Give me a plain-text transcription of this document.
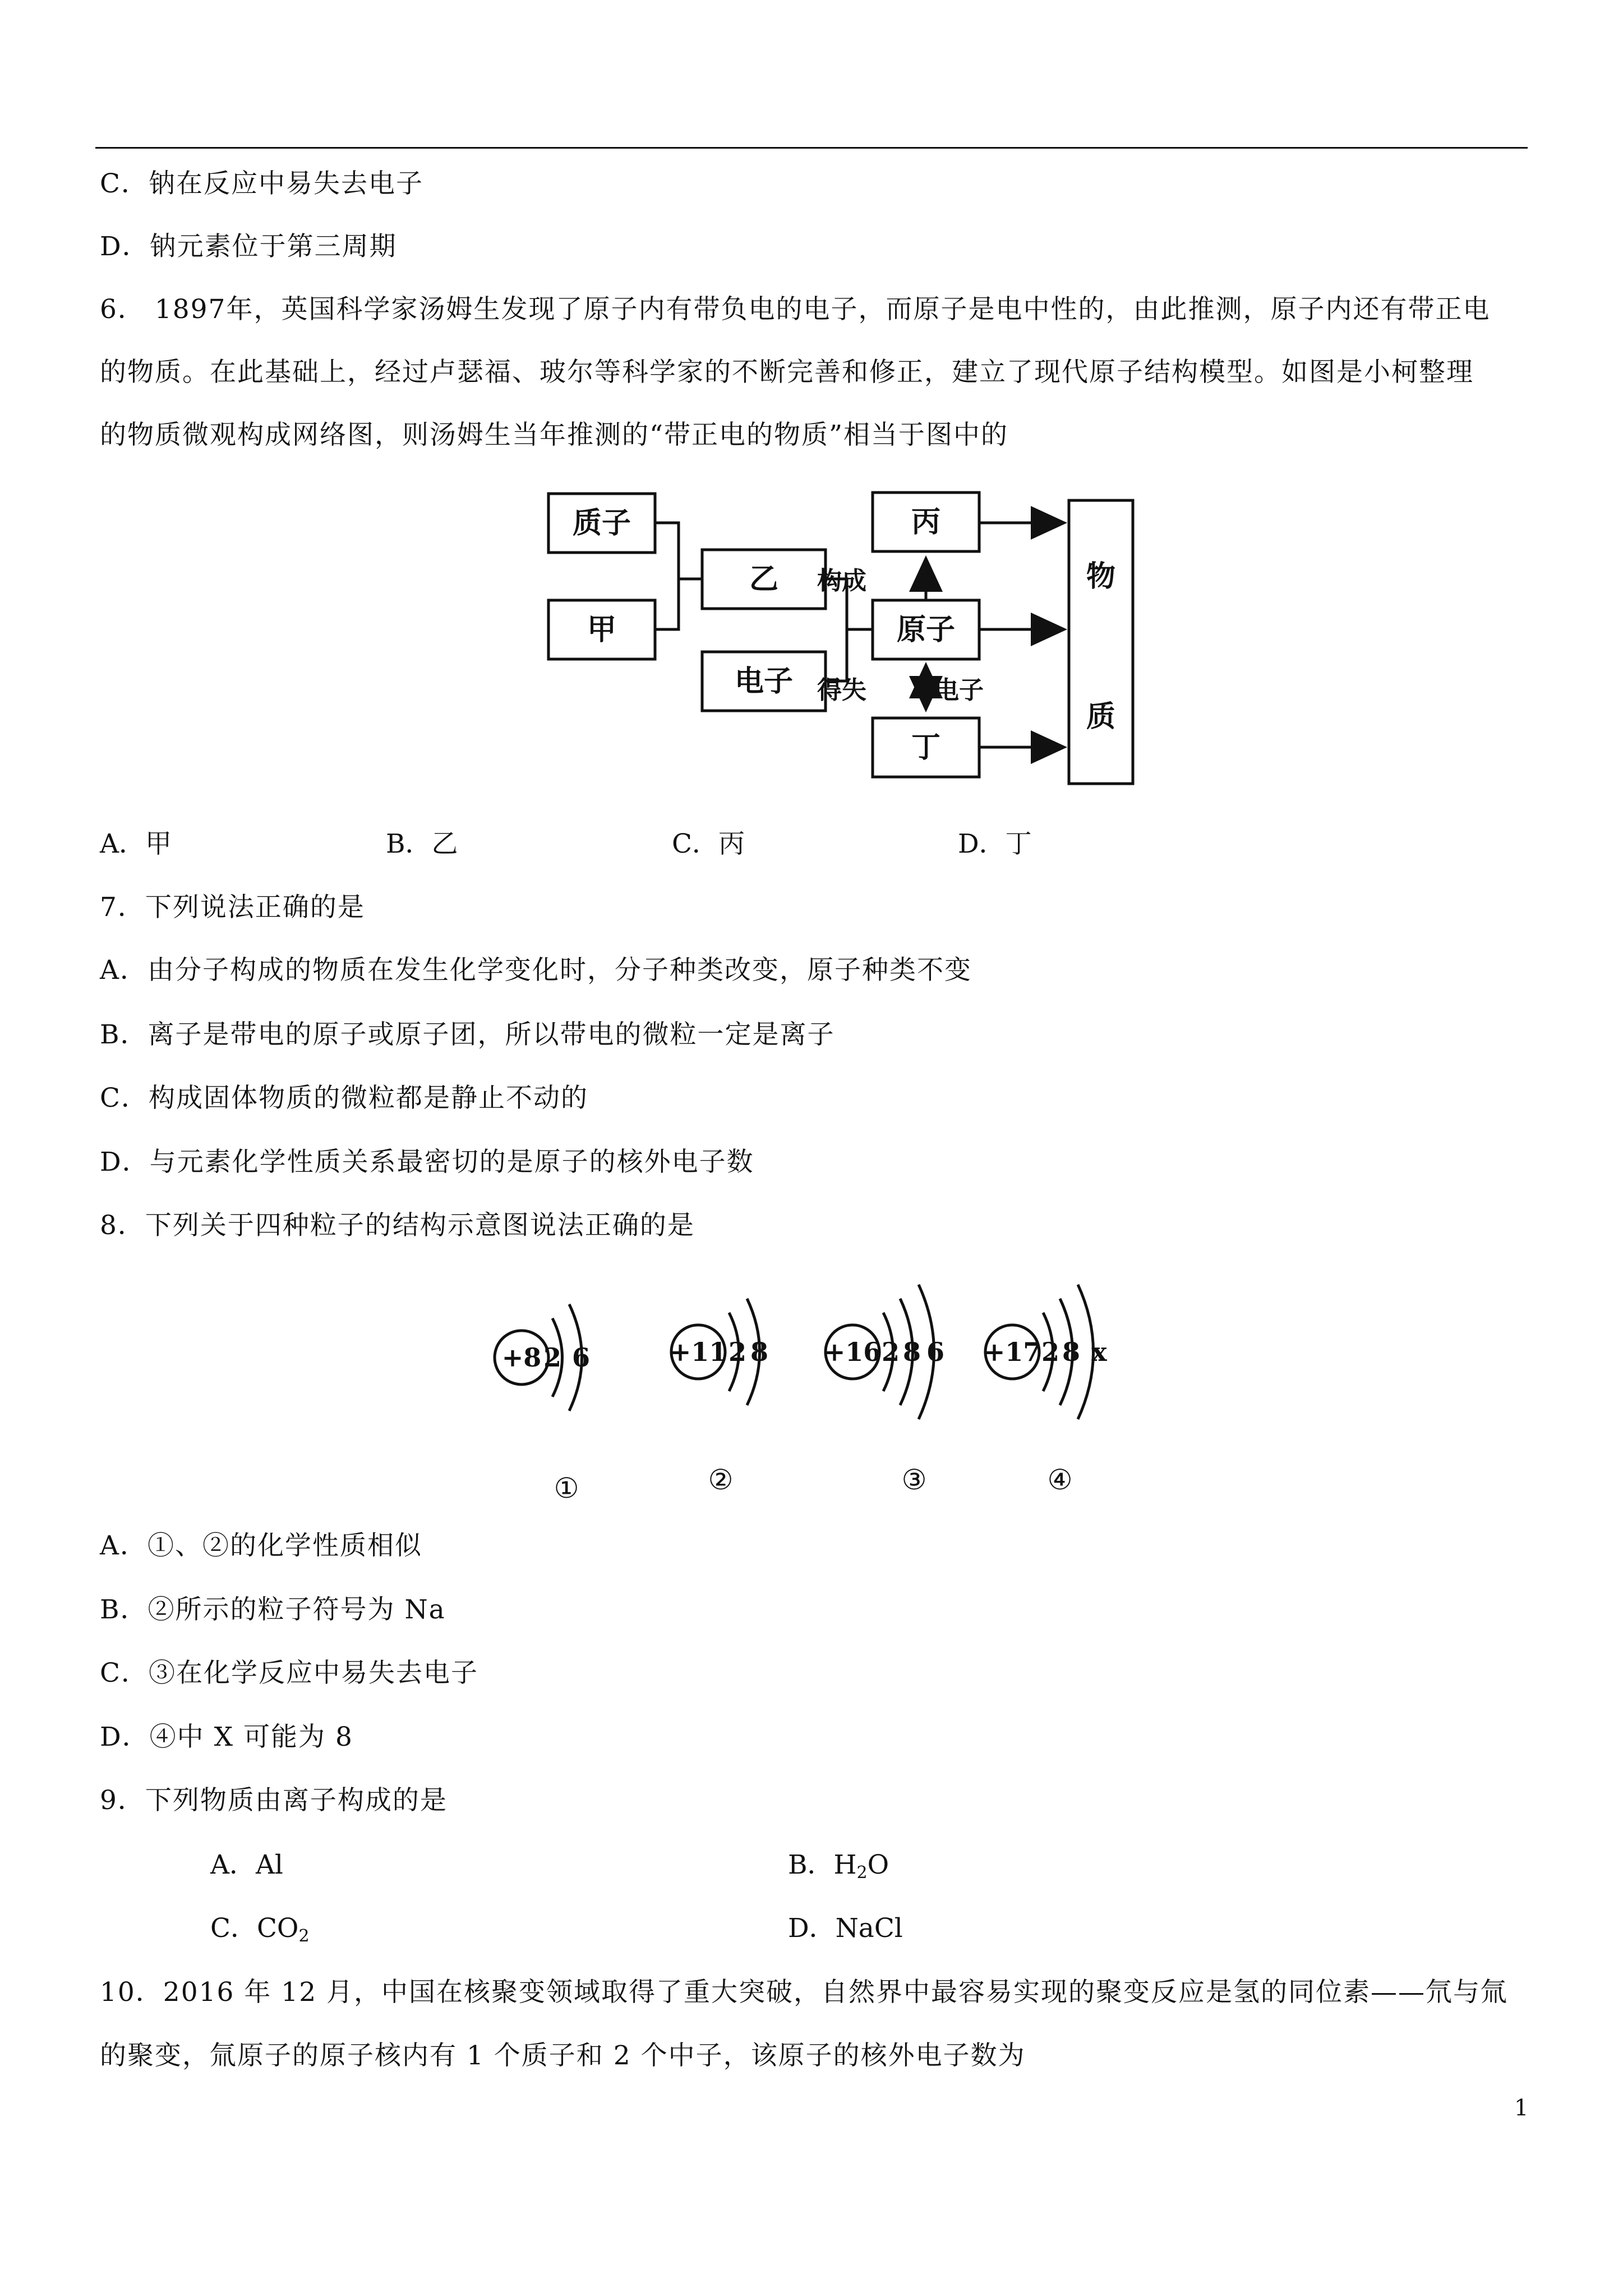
C．钠在反应中易失去电子
D．钠元素位于第三周期
6． 1897年，英国科学家汤姆生发现了原子内有带负电的电子，而原子是电中性的，由此推测，原子内还有带正电
的物质。在此基础上，经过卢瑟福、玻尔等科学家的不断完善和修正，建立了现代原子结构模型。如图是小柯整理
的物质微观构成网络图，则汤姆生当年推测的“带正电的物质”相当于图中的
质子
甲
乙
电子
丙
原子
丁
物
质
构成
得失	电子
A．甲	B．乙	C．丙	D．丁
7．下列说法正确的是
A．由分子构成的物质在发生化学变化时，分子种类改变，原子种类不变
B．离子是带电的原子或原子团，所以带电的微粒一定是离子
C．构成固体物质的微粒都是静止不动的
D．与元素化学性质关系最密切的是原子的核外电子数
8．下列关于四种粒子的结构示意图说法正确的是
+8 2 6	+11 2 8 +16 2 8 6 +17 2 8 x
①	②	③	④
A．①、②的化学性质相似
B．②所示的粒子符号为 Na
C．③在化学反应中易失去电子
D．④中 X 可能为 8
9．下列物质由离子构成的是
A．Al	B．$H_2O$
C．$CO_2$	D．NaCl
10．2016 年 12 月，中国在核聚变领域取得了重大突破，自然界中最容易实现的聚变反应是氢的同位素——氘与氚
的聚变，氚原子的原子核内有 1 个质子和 2 个中子，该原子的核外电子数为
1
